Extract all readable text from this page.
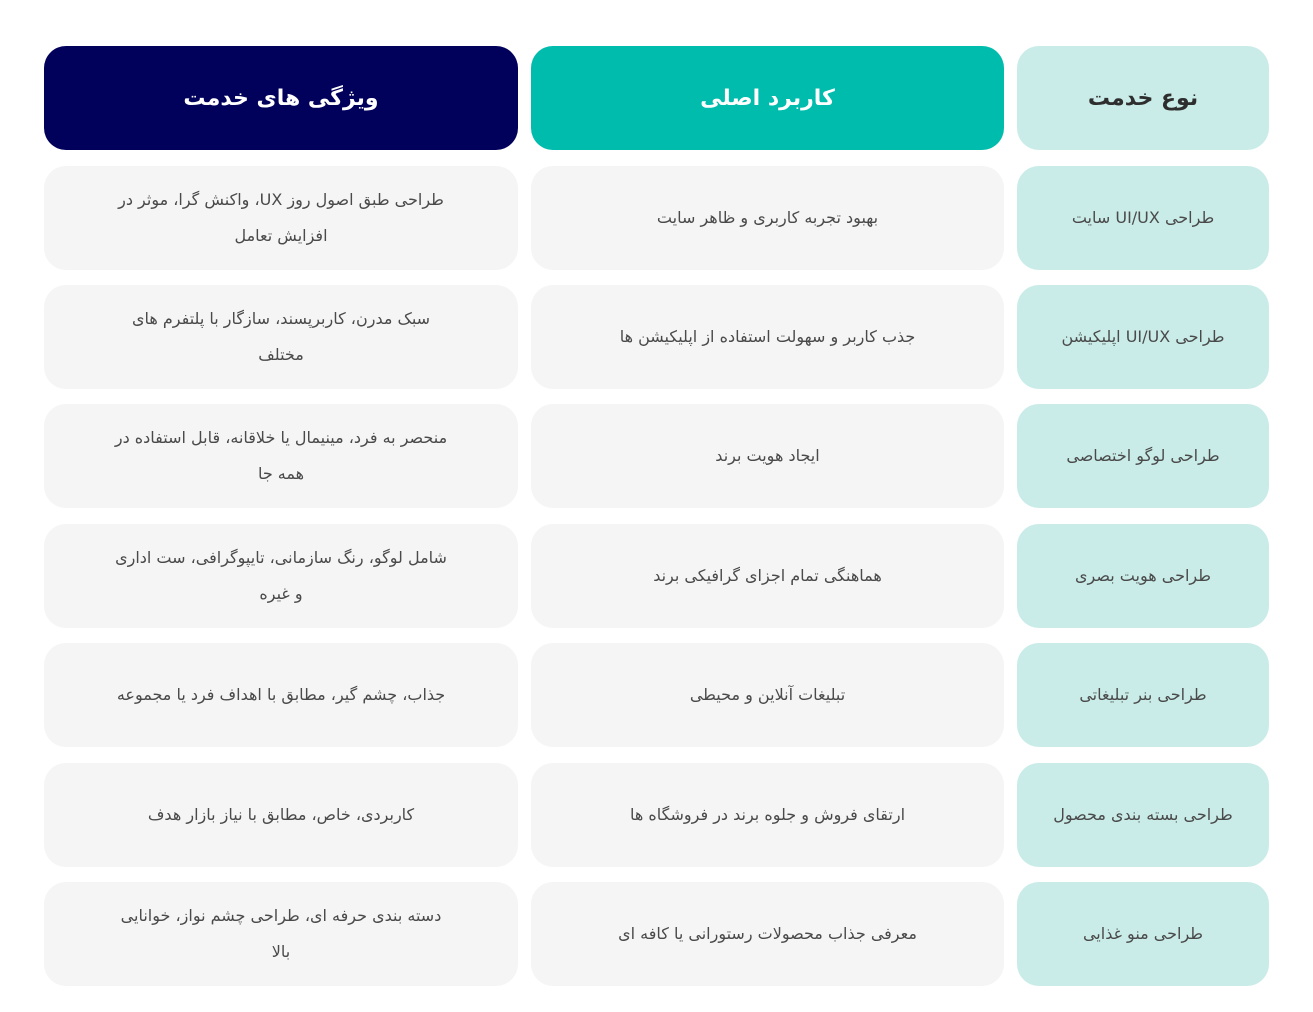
نوع خدمت
کاربرد اصلی
ویژگی های خدمت
طراحی UI/UX سایت
بهبود تجربه کاربری و ظاهر سایت
طراحی طبق اصول روز UX، واکنش گرا، موثر در افزایش تعامل
طراحی UI/UX اپلیکیشن
جذب کاربر و سهولت استفاده از اپلیکیشن ها
سبک مدرن، کاربرپسند، سازگار با پلتفرم های مختلف
طراحی لوگو اختصاصی
ایجاد هویت برند
منحصر به فرد، مینیمال یا خلاقانه، قابل استفاده در همه جا
طراحی هویت بصری
هماهنگی تمام اجزای گرافیکی برند
شامل لوگو، رنگ سازمانی، تایپوگرافی، ست اداری و غیره
طراحی بنر تبلیغاتی
تبلیغات آنلاین و محیطی
جذاب، چشم گیر، مطابق با اهداف فرد یا مجموعه
طراحی بسته بندی محصول
ارتقای فروش و جلوه برند در فروشگاه ها
کاربردی، خاص، مطابق با نیاز بازار هدف
طراحی منو غذایی
معرفی جذاب محصولات رستورانی یا کافه ای
دسته بندی حرفه ای، طراحی چشم نواز، خوانایی بالا
